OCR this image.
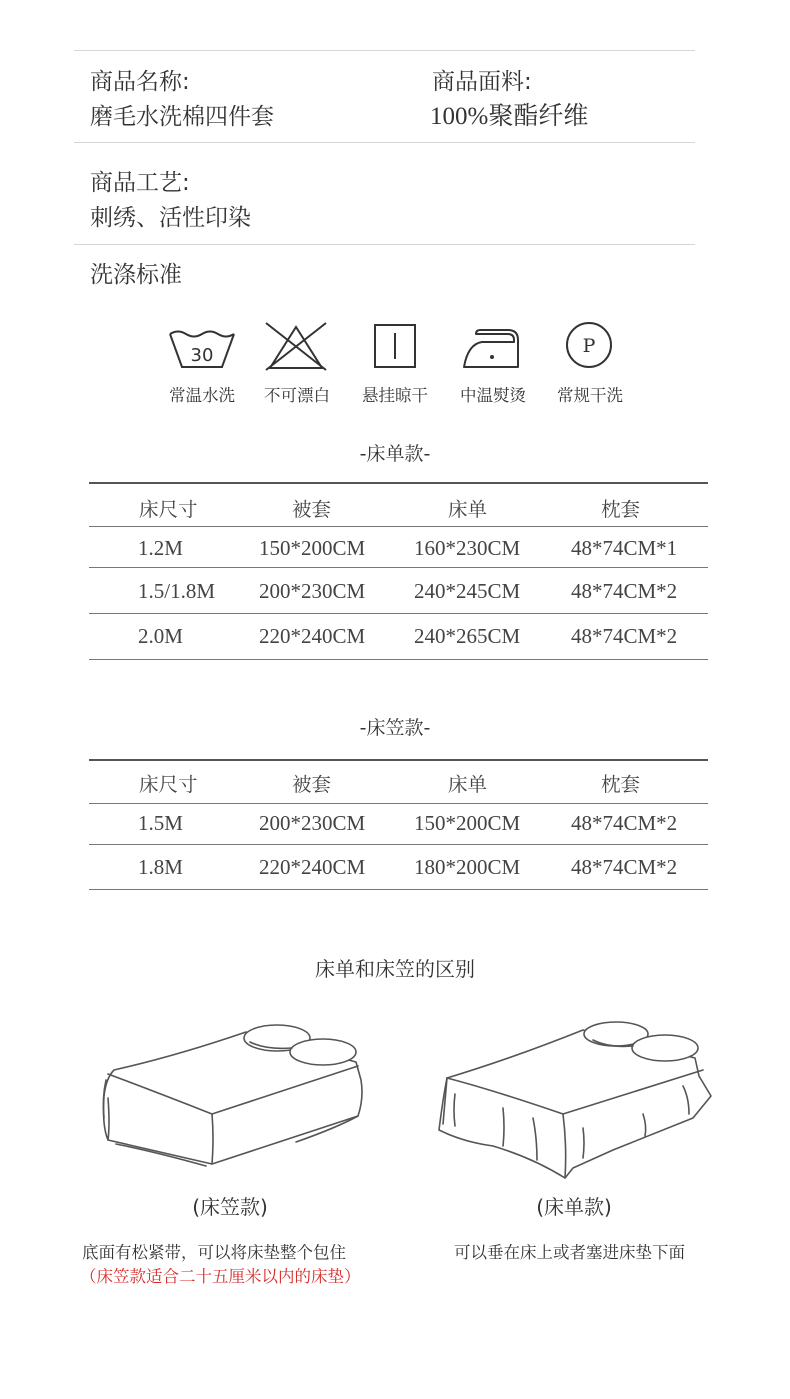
商品名称:
磨毛水洗棉四件套
商品面料:
100%聚酯纤维
商品工艺:
刺绣、活性印染
洗涤标准
30	P
常温水洗	不可漂白	悬挂晾干	中温熨烫	常规干洗
-床单款-
床尺寸	被套	床单	枕套
1.2M	150*200CM 160*230CM 48*74CM*1
1.5/1.8M 200*230CM 240*245CM 48*74CM*2
2.0M	220*240CM 240*265CM 48*74CM*2
-床笠款-
床尺寸	被套	床单	枕套
1.5M	200*230CM 150*200CM 48*74CM*2
1.8M	220*240CM 180*200CM 48*74CM*2
床单和床笠的区别
(床笠款)	(床单款)
底面有松紧带，可以将床垫整个包住
（床笠款适合二十五厘米以内的床垫）
可以垂在床上或者塞进床垫下面
